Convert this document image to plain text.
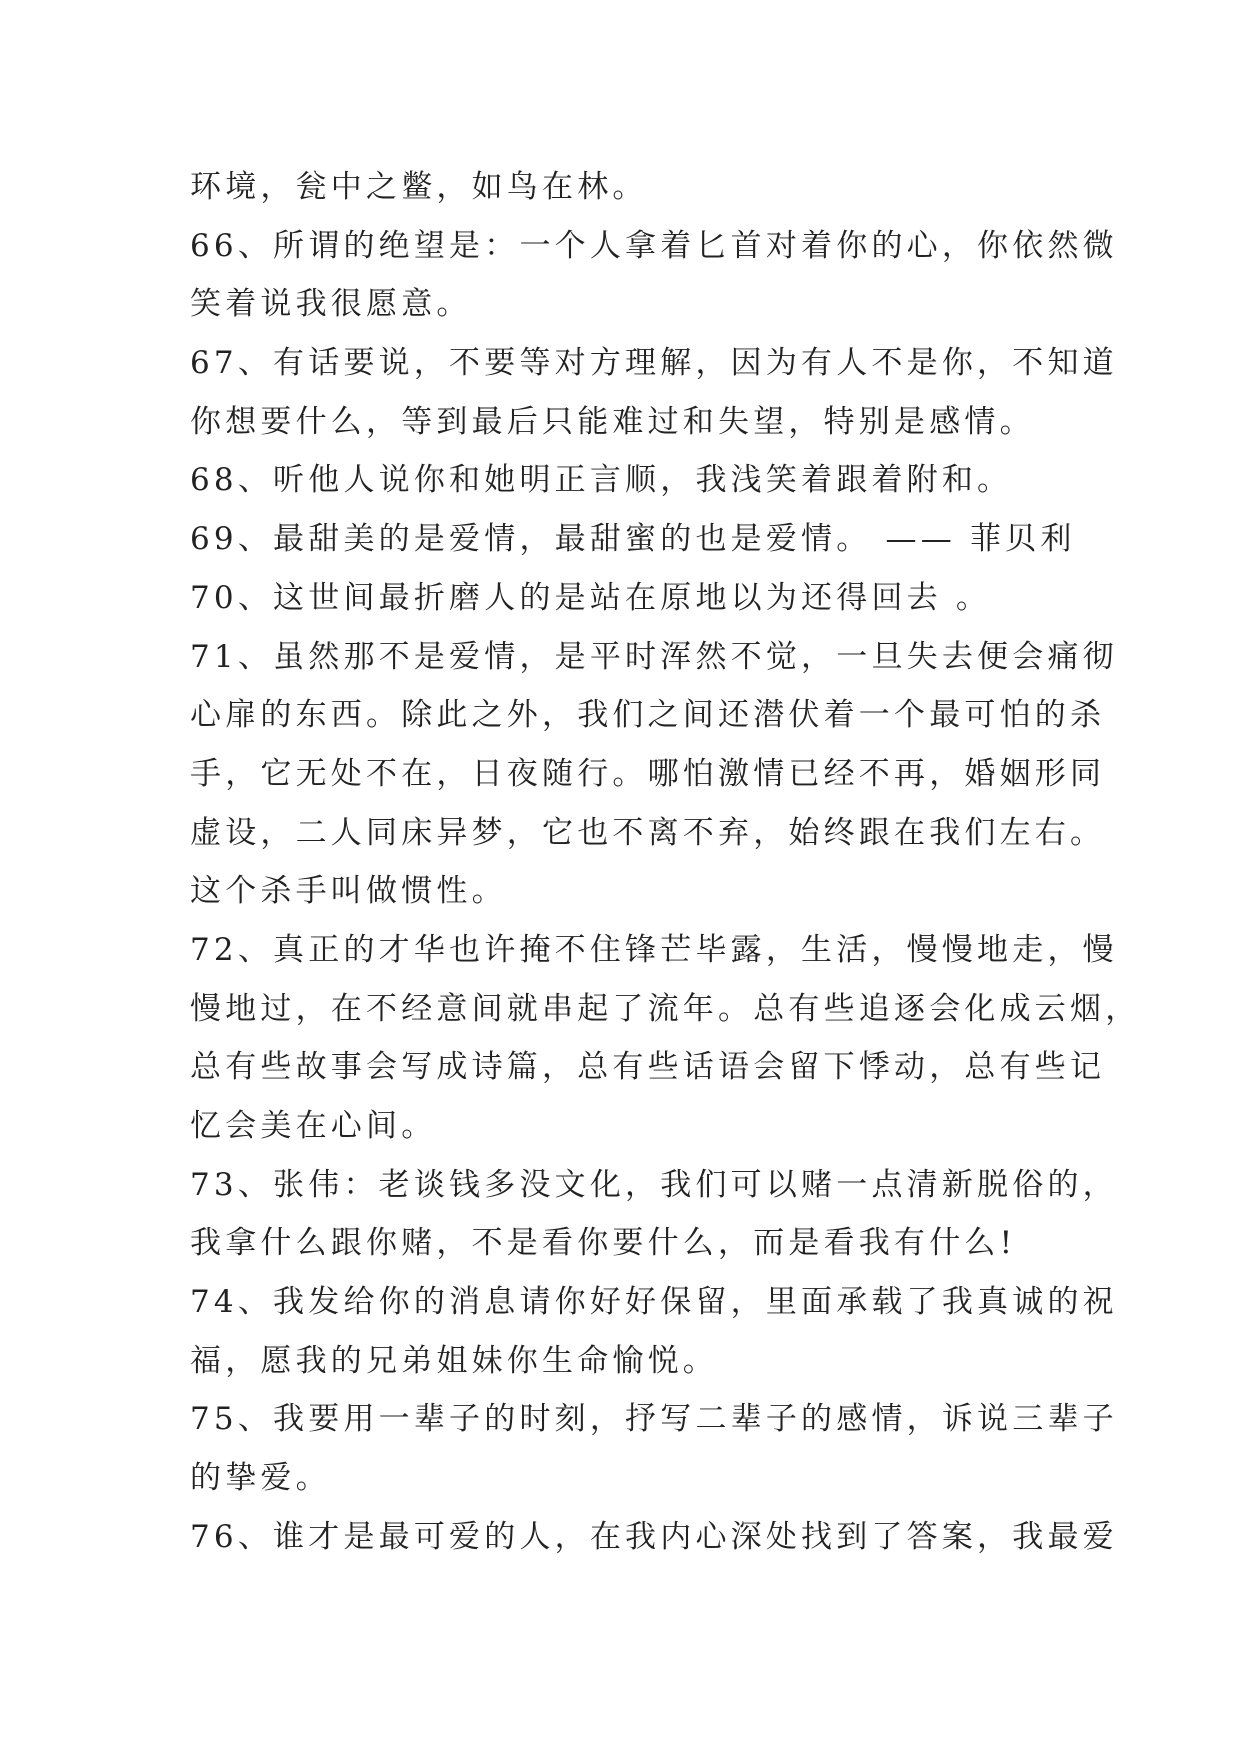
环境，瓮中之鳖，如鸟在林。
66、所谓的绝望是：一个人拿着匕首对着你的心，你依然微
笑着说我很愿意。
67、有话要说，不要等对方理解，因为有人不是你，不知道
你想要什么，等到最后只能难过和失望，特别是感情。
68、听他人说你和她明正言顺，我浅笑着跟着附和。
69、最甜美的是爱情，最甜蜜的也是爱情。 —— 菲贝利
70、这世间最折磨人的是站在原地以为还得回去 。
71、虽然那不是爱情，是平时浑然不觉，一旦失去便会痛彻
心扉的东西。除此之外，我们之间还潜伏着一个最可怕的杀
手，它无处不在，日夜随行。哪怕激情已经不再，婚姻形同
虚设，二人同床异梦，它也不离不弃，始终跟在我们左右。
这个杀手叫做惯性。
72、真正的才华也许掩不住锋芒毕露，生活，慢慢地走，慢
慢地过，在不经意间就串起了流年。总有些追逐会化成云烟，
总有些故事会写成诗篇，总有些话语会留下悸动，总有些记
忆会美在心间。
73、张伟：老谈钱多没文化，我们可以赌一点清新脱俗的，
我拿什么跟你赌，不是看你要什么，而是看我有什么!
74、我发给你的消息请你好好保留，里面承载了我真诚的祝
福，愿我的兄弟姐妹你生命愉悦。
75、我要用一辈子的时刻，抒写二辈子的感情，诉说三辈子
的挚爱。
76、谁才是最可爱的人，在我内心深处找到了答案，我最爱
